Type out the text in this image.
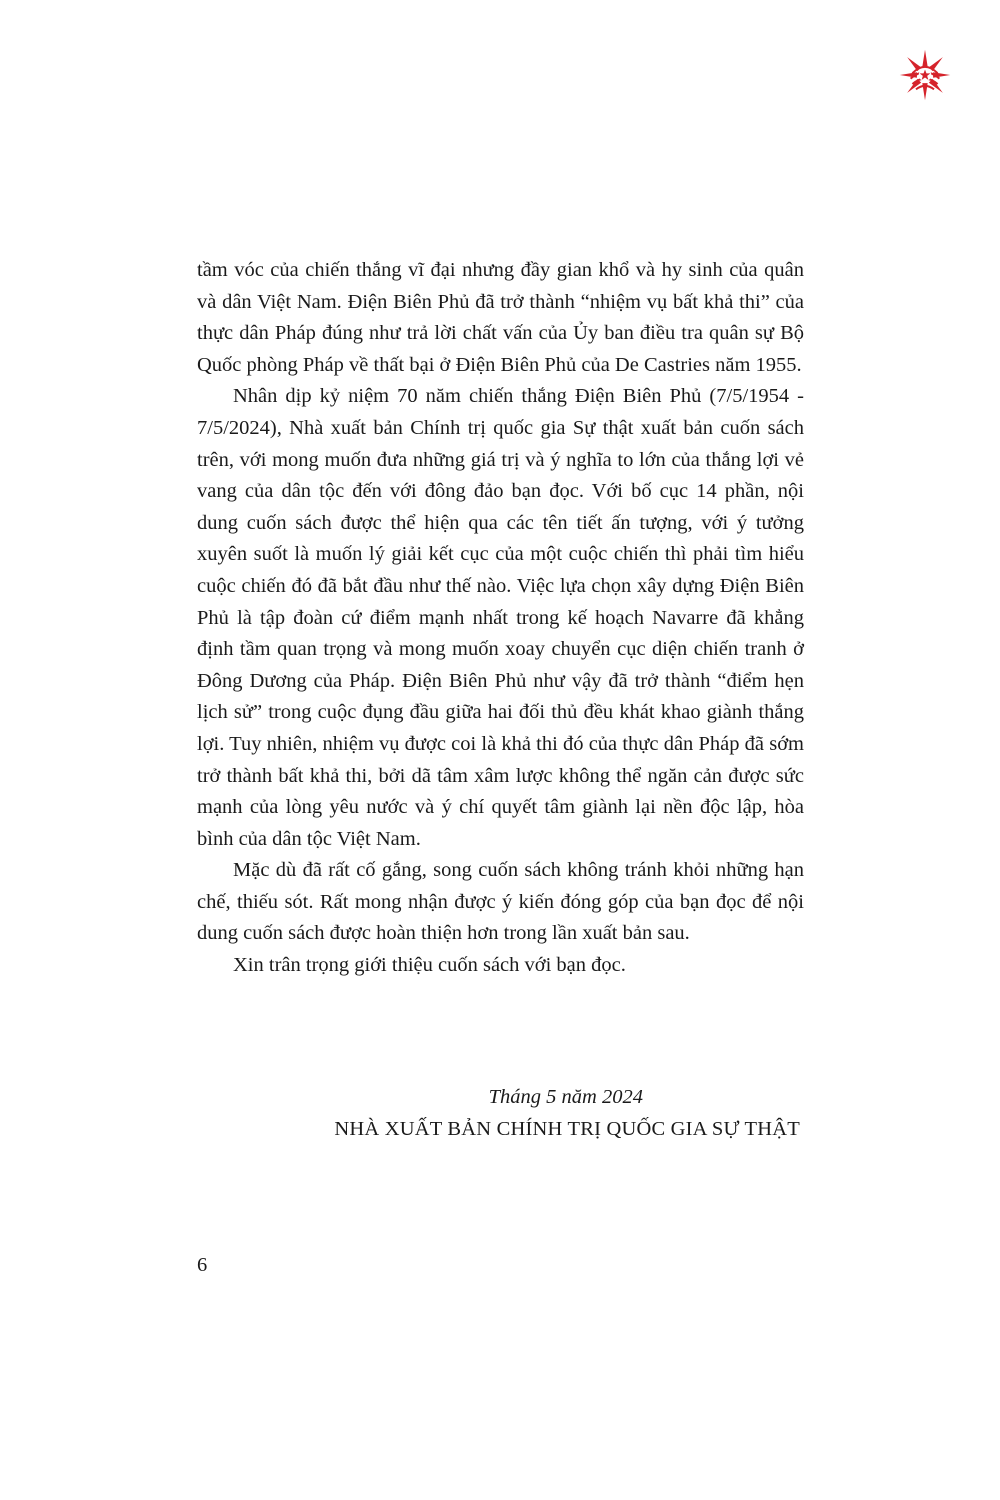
tầm vóc của chiến thắng vĩ đại nhưng đầy gian khổ và hy sinh của quân và dân Việt Nam. Điện Biên Phủ đã trở thành “nhiệm vụ bất khả thi” của thực dân Pháp đúng như trả lời chất vấn của Ủy ban điều tra quân sự Bộ Quốc phòng Pháp về thất bại ở Điện Biên Phủ của De Castries năm 1955.

Nhân dịp kỷ niệm 70 năm chiến thắng Điện Biên Phủ (7/5/1954 - 7/5/2024), Nhà xuất bản Chính trị quốc gia Sự thật xuất bản cuốn sách trên, với mong muốn đưa những giá trị và ý nghĩa to lớn của thắng lợi vẻ vang của dân tộc đến với đông đảo bạn đọc. Với bố cục 14 phần, nội dung cuốn sách được thể hiện qua các tên tiết ấn tượng, với ý tưởng xuyên suốt là muốn lý giải kết cục của một cuộc chiến thì phải tìm hiểu cuộc chiến đó đã bắt đầu như thế nào. Việc lựa chọn xây dựng Điện Biên Phủ là tập đoàn cứ điểm mạnh nhất trong kế hoạch Navarre đã khẳng định tầm quan trọng và mong muốn xoay chuyển cục diện chiến tranh ở Đông Dương của Pháp. Điện Biên Phủ như vậy đã trở thành “điểm hẹn lịch sử” trong cuộc đụng đầu giữa hai đối thủ đều khát khao giành thắng lợi. Tuy nhiên, nhiệm vụ được coi là khả thi đó của thực dân Pháp đã sớm trở thành bất khả thi, bởi dã tâm xâm lược không thể ngăn cản được sức mạnh của lòng yêu nước và ý chí quyết tâm giành lại nền độc lập, hòa bình của dân tộc Việt Nam.

Mặc dù đã rất cố gắng, song cuốn sách không tránh khỏi những hạn chế, thiếu sót. Rất mong nhận được ý kiến đóng góp của bạn đọc để nội dung cuốn sách được hoàn thiện hơn trong lần xuất bản sau.

Xin trân trọng giới thiệu cuốn sách với bạn đọc.

Tháng 5 năm 2024
NHÀ XUẤT BẢN CHÍNH TRỊ QUỐC GIA SỰ THẬT
6
